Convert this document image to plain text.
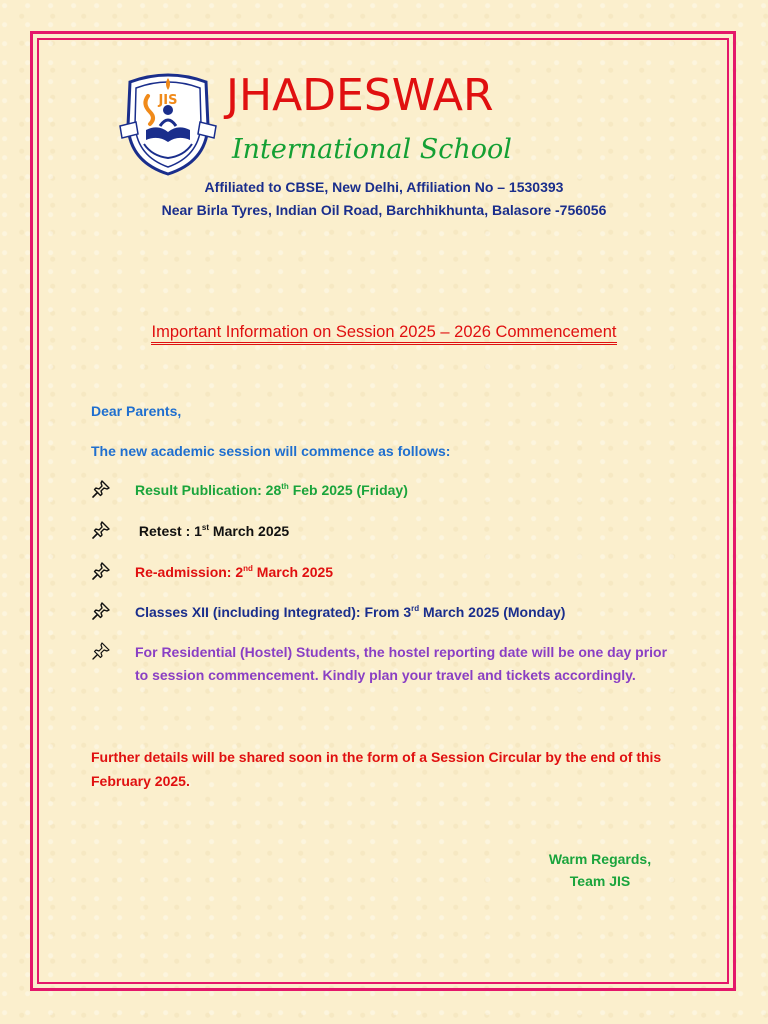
JIS JHADESWAR
International School
Affiliated to CBSE, New Delhi, Affiliation No – 1530393
Near Birla Tyres, Indian Oil Road, Barchhikhunta, Balasore -756056
Important Information on Session 2025 – 2026 Commencement
Dear Parents,
The new academic session will commence as follows:
Result Publication: 28th Feb 2025 (Friday)
Retest : 1st March 2025
Re-admission: 2nd March 2025
Classes XII (including Integrated): From 3rd March 2025 (Monday)
For Residential (Hostel) Students, the hostel reporting date will be one day prior to session commencement. Kindly plan your travel and tickets accordingly.
Further details will be shared soon in the form of a Session Circular by the end of this February 2025.
Warm Regards,
Team JIS
